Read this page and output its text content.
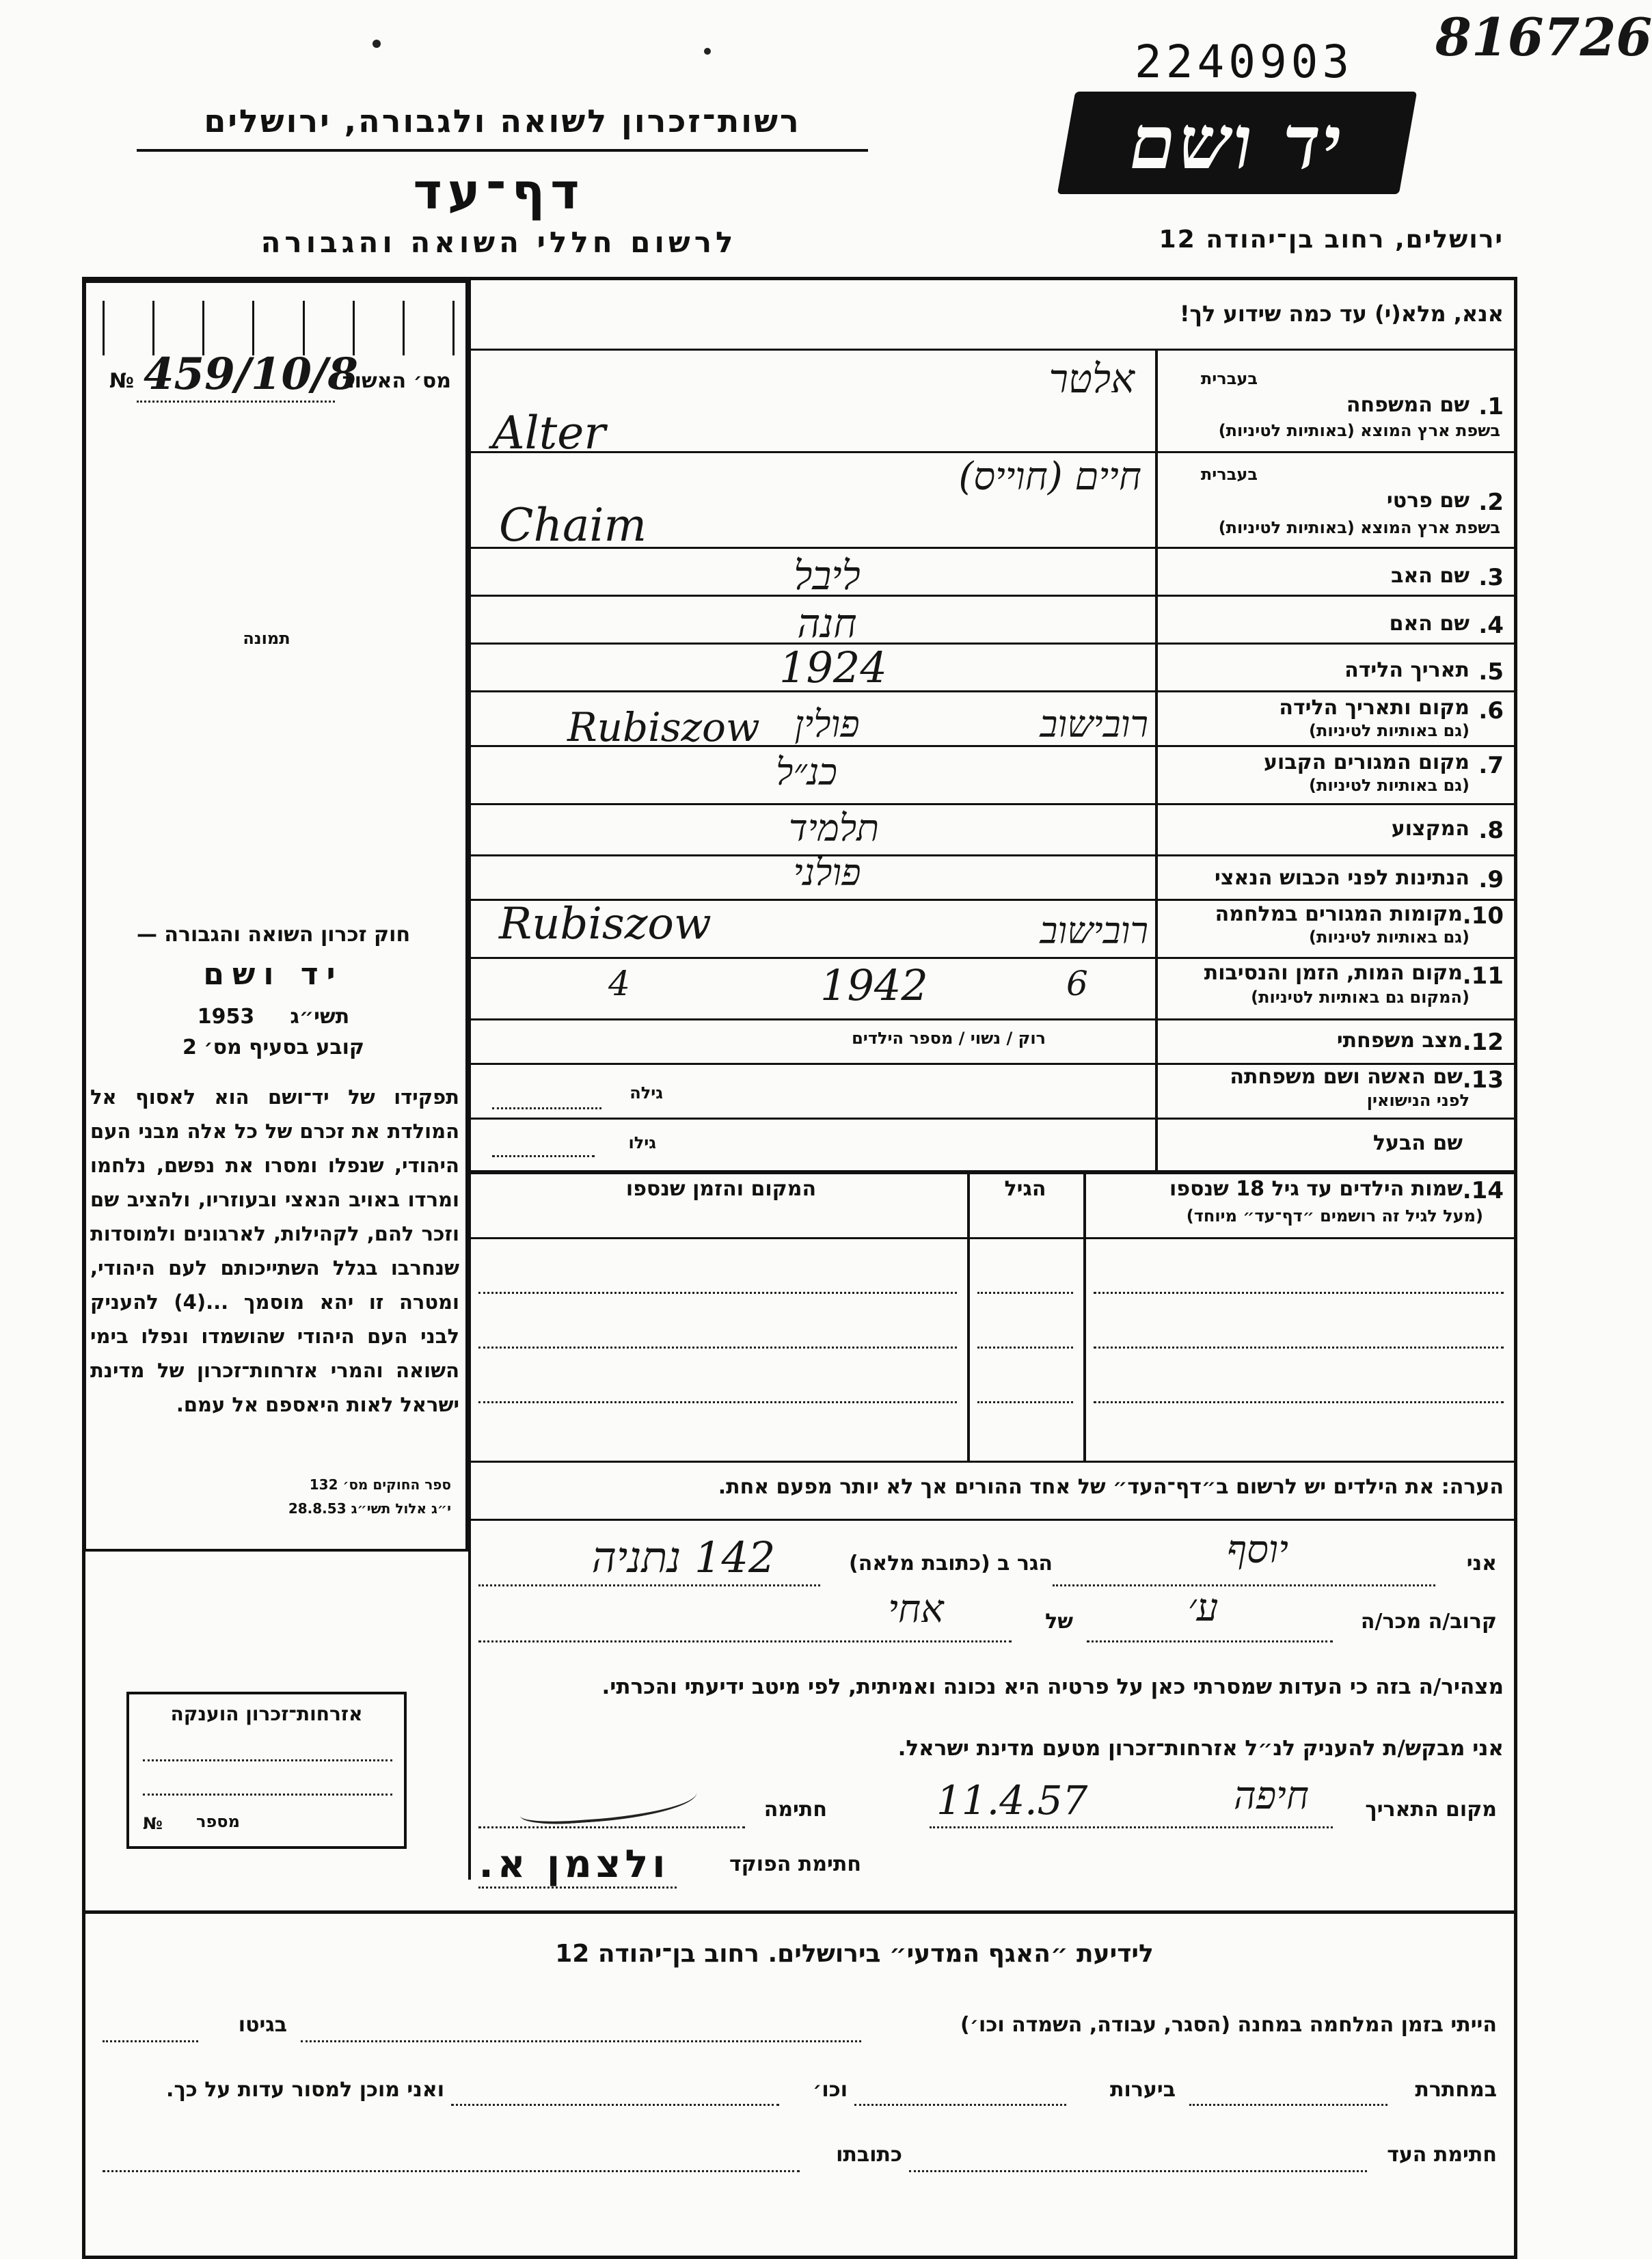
2240903 816726
רשות־זכרון לשואה ולגבורה, ירושלים
דף־עד
לרשום חללי השואה והגבורה
יד ושם
ירושלים, רחוב בן־יהודה 12
№ 459/10/8
מס׳ האשור
תמונה
חוק זכרון השואה והגבורה —
יד ושם
1953 תשי״ג
קובע בסעיף מס׳ 2
תפקידו של יד־ושם הוא לאסוף אל המולדת את זכרם של כל אלה מבני העם היהודי, שנפלו ומסרו את נפשם, נלחמו ומרדו באויב הנאצי ובעוזריו, ולהציב שם וזכר להם, לקהילות, לארגונים ולמוסדות שנחרבו בגלל השתייכותם לעם היהודי, ומטרה זו יהא מוסמך ...(4) להעניק לבני העם היהודי שהושמדו ונפלו בימי השואה והמרי אזרחות־זכרון של מדינת ישראל לאות היאספם אל עמם.
ספר החוקים מס׳ 132
י״ג אלול תשי״ג 28.8.53
אנא, מלא(י) עד כמה שידוע לך!
1.
שם המשפחה
בעברית
בשפת ארץ המוצא (באותיות לטיניות)
אלטר
Alter
2.
שם פרטי
בעברית
בשפת ארץ המוצא (באותיות לטיניות)
חיים (חוייס)
Chaim
3.
שם האב
ליבל
4.
שם האם
חנה
5.
תאריך הלידה
1924
6.
מקום ותאריך הלידה
(גם באותיות לטיניות)
רובישוב
פולין
Rubiszow
7.
מקום המגורים הקבוע
(גם באותיות לטיניות)
כנ״ל
8.
המקצוע
תלמיד
9.
הנתינות לפני הכבוש הנאצי
פולני
10.
מקומות המגורים במלחמה
(גם באותיות לטיניות)
רובישוב
Rubiszow
11.
מקום המות, הזמן והנסיבות
(המקום גם באותיות לטיניות)
4	1942	6
12.
מצב משפחתי
רוק / נשוי / מספר הילדים
13.
שם האשה ושם משפחתה
לפני הנישואין
גילה
שם הבעל
גילו
14.
שמות הילדים עד גיל 18 שנספו
(מעל לגיל זה רושמים ״דף־עד״ מיוחד)
הגיל
המקום והזמן שנספו
הערה: את הילדים יש לרשום ב״דף־העד״ של אחד ההורים אך לא יותר מפעם אחת.
אני
יוסף
הגר ב (כתובת מלאה)
142 נתניה
קרוב/ה מכר/ה
ע׳
של
אחי
מצהיר/ה בזה כי העדות שמסרתי כאן על פרטיה היא נכונה ואמיתית, לפי מיטב ידיעתי והכרתי.
אני מבקש/ת להעניק לנ״ל אזרחות־זכרון מטעם מדינת ישראל.
מקום התאריך
חיפה
11.4.57
חתימה
חתימת הפוקד
ולצמן א.
אזרחות־זכרון הוענקה
№	מספר
לידיעת ״האגף המדעי״ בירושלים. רחוב בן־יהודה 12
הייתי בזמן המלחמה במחנה (הסגר, עבודה, השמדה וכו׳)
בגיטו
במחתרת
ביערות
וכו׳
ואני מוכן למסור עדות על כך.
חתימת העד
כתובתו
